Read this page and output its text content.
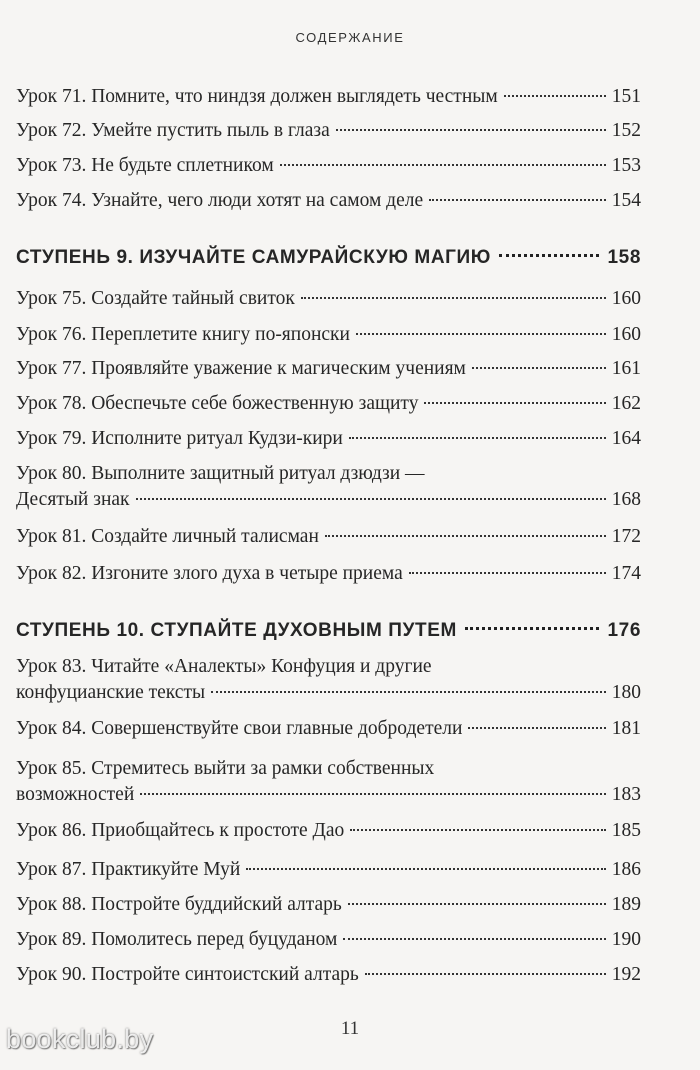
СОДЕРЖАНИЕ
Урок 71. Помните, что ниндзя должен выглядеть честным	151
Урок 72. Умейте пустить пыль в глаза	152
Урок 73. Не будьте сплетником	153
Урок 74. Узнайте, чего люди хотят на самом деле	154
СТУПЕНЬ 9. ИЗУЧАЙТЕ САМУРАЙСКУЮ МАГИЮ	158
Урок 75. Создайте тайный свиток	160
Урок 76. Переплетите книгу по-японски	160
Урок 77. Проявляйте уважение к магическим учениям	161
Урок 78. Обеспечьте себе божественную защиту	162
Урок 79. Исполните ритуал Кудзи-кири	164
Урок 80. Выполните защитный ритуал дзюдзи —
Десятый знак	168
Урок 81. Создайте личный талисман	172
Урок 82. Изгоните злого духа в четыре приема	174
СТУПЕНЬ 10. СТУПАЙТЕ ДУХОВНЫМ ПУТЕМ	176
Урок 83. Читайте «Аналекты» Конфуция и другие
конфуцианские тексты	180
Урок 84. Совершенствуйте свои главные добродетели	181
Урок 85. Стремитесь выйти за рамки собственных
возможностей	183
Урок 86. Приобщайтесь к простоте Дао	185
Урок 87. Практикуйте Муй	186
Урок 88. Постройте буддийский алтарь	189
Урок 89. Помолитесь перед буцуданом	190
Урок 90. Постройте синтоистский алтарь	192
11
bookclub.by
